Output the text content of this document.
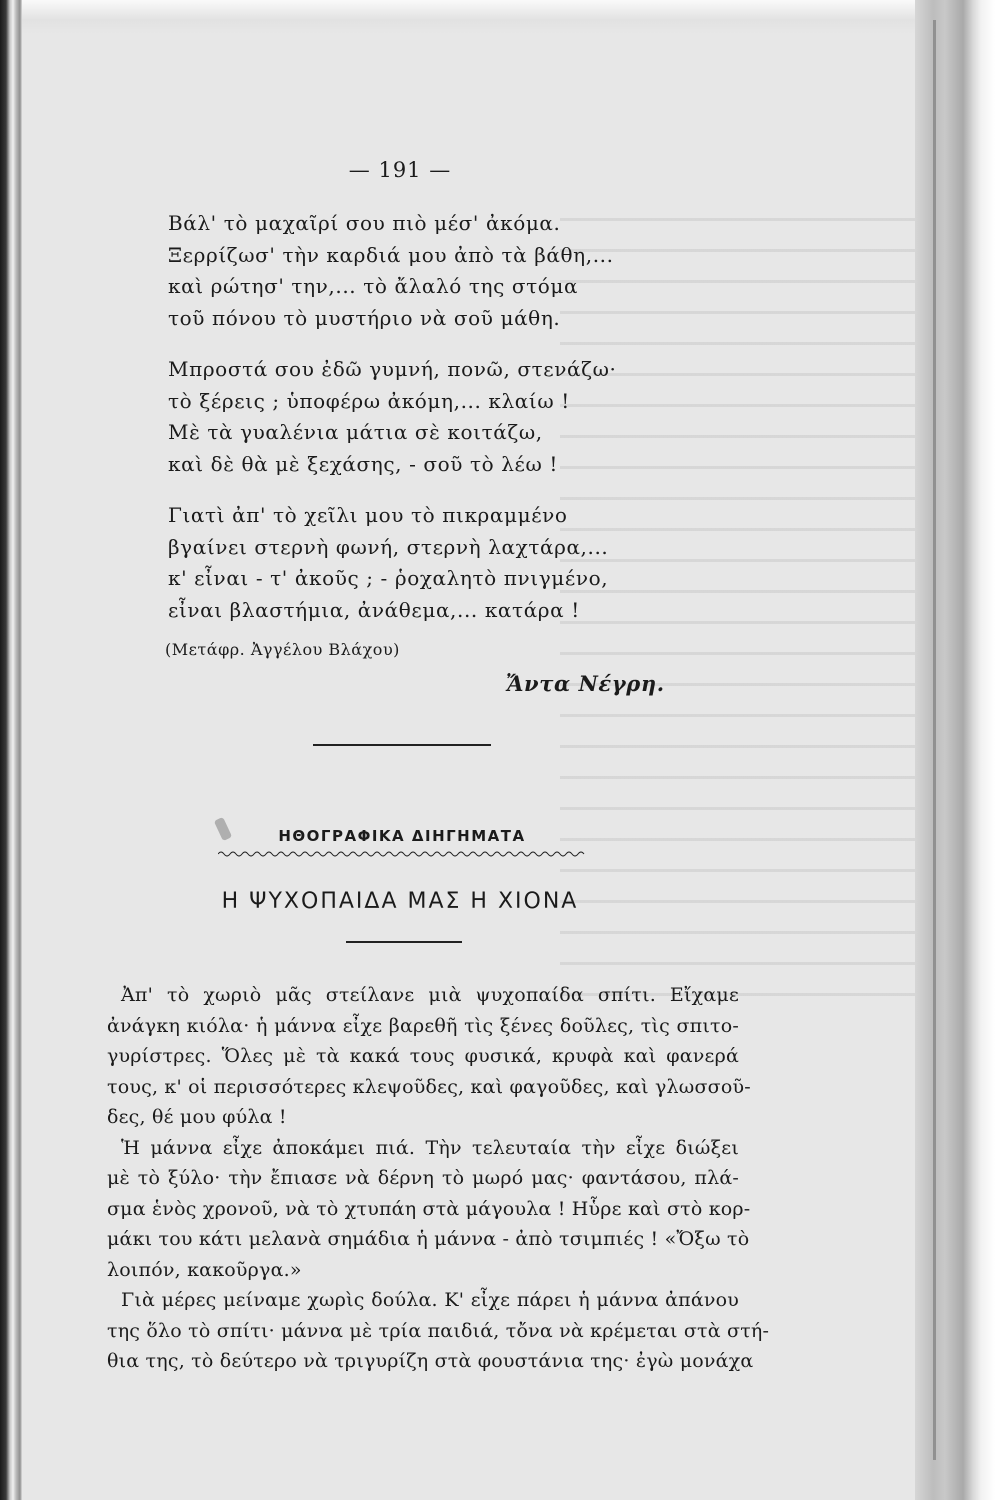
— 191 —
Βάλ' τὸ μαχαῖρί σου πιὸ μέσ' ἀκόμα.
Ξερρίζωσ' τὴν καρδιά μου ἀπὸ τὰ βάθη,...
καὶ ρώτησ' την,... τὸ ἄλαλό της στόμα
τοῦ πόνου τὸ μυστήριο νὰ σοῦ μάθη.
Μπροστά σου ἐδῶ γυμνή, πονῶ, στενάζω·
τὸ ξέρεις ; ὑποφέρω ἀκόμη,... κλαίω !
Μὲ τὰ γυαλένια μάτια σὲ κοιτάζω,
καὶ δὲ θὰ μὲ ξεχάσης, - σοῦ τὸ λέω !
Γιατὶ ἀπ' τὸ χεῖλι μου τὸ πικραμμένο
βγαίνει στερνὴ φωνή, στερνὴ λαχτάρα,...
κ' εἶναι - τ' ἀκοῦς ; - ῥοχαλητὸ πνιγμένο,
εἶναι βλαστήμια, ἀνάθεμα,... κατάρα !
(Μετάφρ. Ἀγγέλου Βλάχου)
Ἄντα Νέγρη.
ΗΘΟΓΡΑΦΙΚΑ ΔΙΗΓΗΜΑΤΑ
Η ΨΥΧΟΠΑΙΔΑ ΜΑΣ Η ΧΙΟΝΑ

Ἀπ' τὸ χωριὸ μᾶς στείλανε μιὰ ψυχοπαίδα σπίτι. Εἴχαμε
ἀνάγκη κιόλα· ἡ μάννα εἶχε βαρεθῆ τὶς ξένες δοῦλες, τὶς σπιτο-
γυρίστρες. Ὅλες μὲ τὰ κακά τους φυσικά, κρυφὰ καὶ φανερά
τους, κ' οἱ περισσότερες κλεψοῦδες, καὶ φαγοῦδες, καὶ γλωσσοῦ-
δες, θέ μου φύλα !

Ἡ μάννα εἶχε ἀποκάμει πιά. Τὴν τελευταία τὴν εἶχε διώξει
μὲ τὸ ξύλο· τὴν ἔπιασε νὰ δέρνη τὸ μωρό μας· φαντάσου, πλά-
σμα ἑνὸς χρονοῦ, νὰ τὸ χτυπάη στὰ μάγουλα ! Ηὗρε καὶ στὸ κορ-
μάκι του κάτι μελανὰ σημάδια ἡ μάννα - ἀπὸ τσιμπιές ! «Ὄξω τὸ
λοιπόν, κακοῦργα.»

Γιὰ μέρες μείναμε χωρὶς δούλα. Κ' εἶχε πάρει ἡ μάννα ἀπάνου
της ὅλο τὸ σπίτι· μάννα μὲ τρία παιδιά, τὄνα νὰ κρέμεται στὰ στή-
θια της, τὸ δεύτερο νὰ τριγυρίζη στὰ φουστάνια της· ἐγὼ μονάχα
